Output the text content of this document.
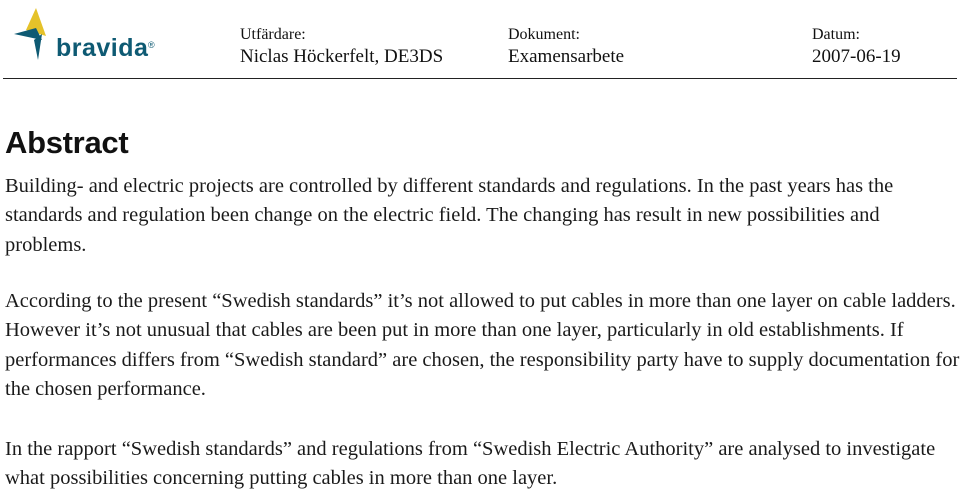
bravida ®
Utfärdare:
Niclas Höckerfelt, DE3DS
Dokument:
Examensarbete
Datum:
2007-06-19
Abstract

Building- and electric projects are controlled by different standards and regulations. In the past years has the standards and regulation been change on the electric field. The changing has result in new possibilities and problems.

According to the present “Swedish standards” it’s not allowed to put cables in more than one layer on cable ladders. However it’s not unusual that cables are been put in more than one layer, particularly in old establishments. If performances differs from “Swedish standard” are chosen, the responsibility party have to supply documentation for the chosen performance.

In the rapport “Swedish standards” and regulations from “Swedish Electric Authority” are analysed to investigate what possibilities concerning putting cables in more than one layer.
